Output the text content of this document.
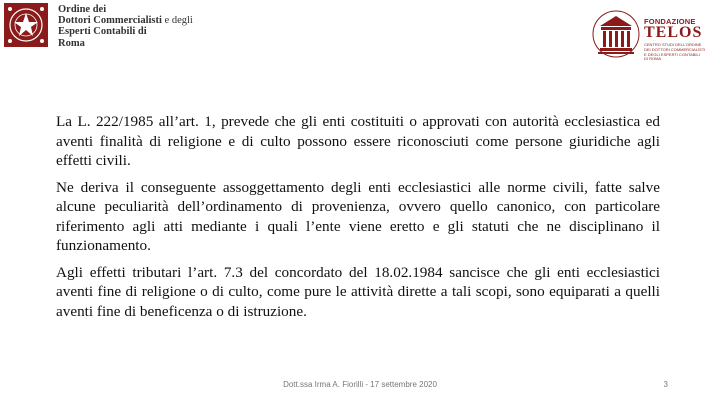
Ordine dei
Dottori Commercialisti e degli
Esperti Contabili di
Roma
FONDAZIONE
TELOS
CENTRO STUDI DELL'ORDINE
DEI DOTTORI COMMERCIALISTI
E DEGLI ESPERTI CONTABILI
DI ROMA

La L. 222/1985 all’art. 1, prevede che gli enti costituiti o approvati con autorità ecclesiastica ed aventi finalità di religione e di culto possono essere riconosciuti come persone giuridiche agli effetti civili.

Ne deriva il conseguente assoggettamento degli enti ecclesiastici alle norme civili, fatte salve alcune peculiarità dell’ordinamento di provenienza, ovvero quello canonico, con particolare riferimento agli atti mediante i quali l’ente viene eretto e gli statuti che ne disciplinano il funzionamento.

Agli effetti tributari l’art. 7.3 del concordato del 18.02.1984 sancisce che gli enti ecclesiastici aventi fine di religione o di culto, come pure le attività dirette a tali scopi, sono equiparati a quelli aventi fine di beneficenza o di istruzione.

Dott.ssa Irma A. Fiorilli - 17 settembre 2020	3
